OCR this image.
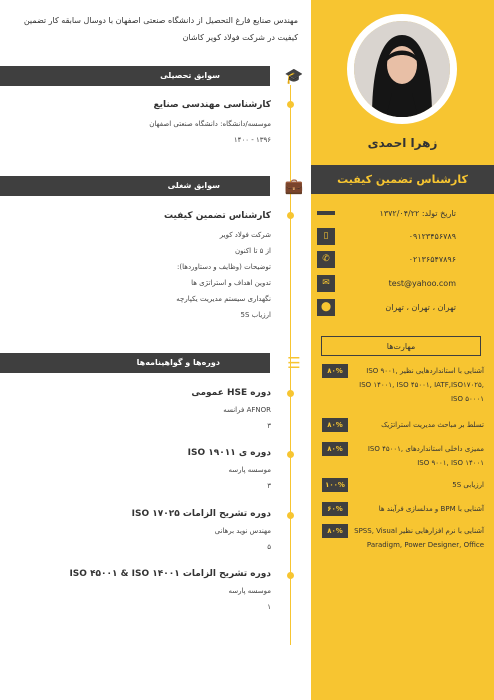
زهرا احمدی
کارشناس تضمین کیفیت
تاریخ تولد: ۱۳۷۲/۰۴/۲۲
۰۹۱۲۳۴۵۶۷۸۹
▯
۰۲۱۳۶۵۴۷۸۹۶
✆
test@yahoo.com
✉
تهران ، تهران ، تهران
⬤
مهارت‌ها
آشنایی با استانداردهایی نظیر ISO ۹۰۰۱, ISO ۱۴۰۰۱, ISO ۴۵۰۰۱, IATF,ISO۱۷۰۲۵, ISO ۵۰۰۰۱
۸۰%
تسلط بر مباحث مدیریت استراتژیک
۸۰%
ممیزی داخلی استانداردهای ISO ۴۵۰۰۱, ISO ۹۰۰۱, ISO ۱۴۰۰۱
۸۰%
ارزیابی 5S
۱۰۰%
آشنایی با BPM و مدلسازی فرآیند ها
۶۰%
آشنایی با نرم افزارهایی نظیر SPSS, Visual Paradigm, Power Designer, Office
۸۰%
مهندس صنایع فارغ التحصیل از دانشگاه صنعتی اصفهان با دوسال سابقه کار تضمین کیفیت در شرکت فولاد کویر کاشان
سوابق تحصیلی	🎓
کارشناسی مهندسی صنایع
موسسه/دانشگاه: دانشگاه صنعتی اصفهان
۱۳۹۶ - ۱۴۰۰
سوابق شغلی	💼
کارشناس تضمین کیفیت
شرکت فولاد کویر
از ۵ تا اکنون
توضیحات (وظایف و دستاوردها):
تدوین اهداف و استراتژی ها
نگهداری سیستم مدیریت یکپارچه
ارزیاب 5S
دوره‌ها و گواهینامه‌ها	☰
دوره HSE عمومی
AFNOR فرانسه
۳
دوره ی ISO ۱۹۰۱۱
موسسه پارسه
۳
دوره تشریح الزامات ISO ۱۷۰۲۵
مهندس نوید برهانی
۵
دوره تشریح الزامات ISO ۴۵۰۰۱ & ISO ۱۴۰۰۱
موسسه پارسه
۱
